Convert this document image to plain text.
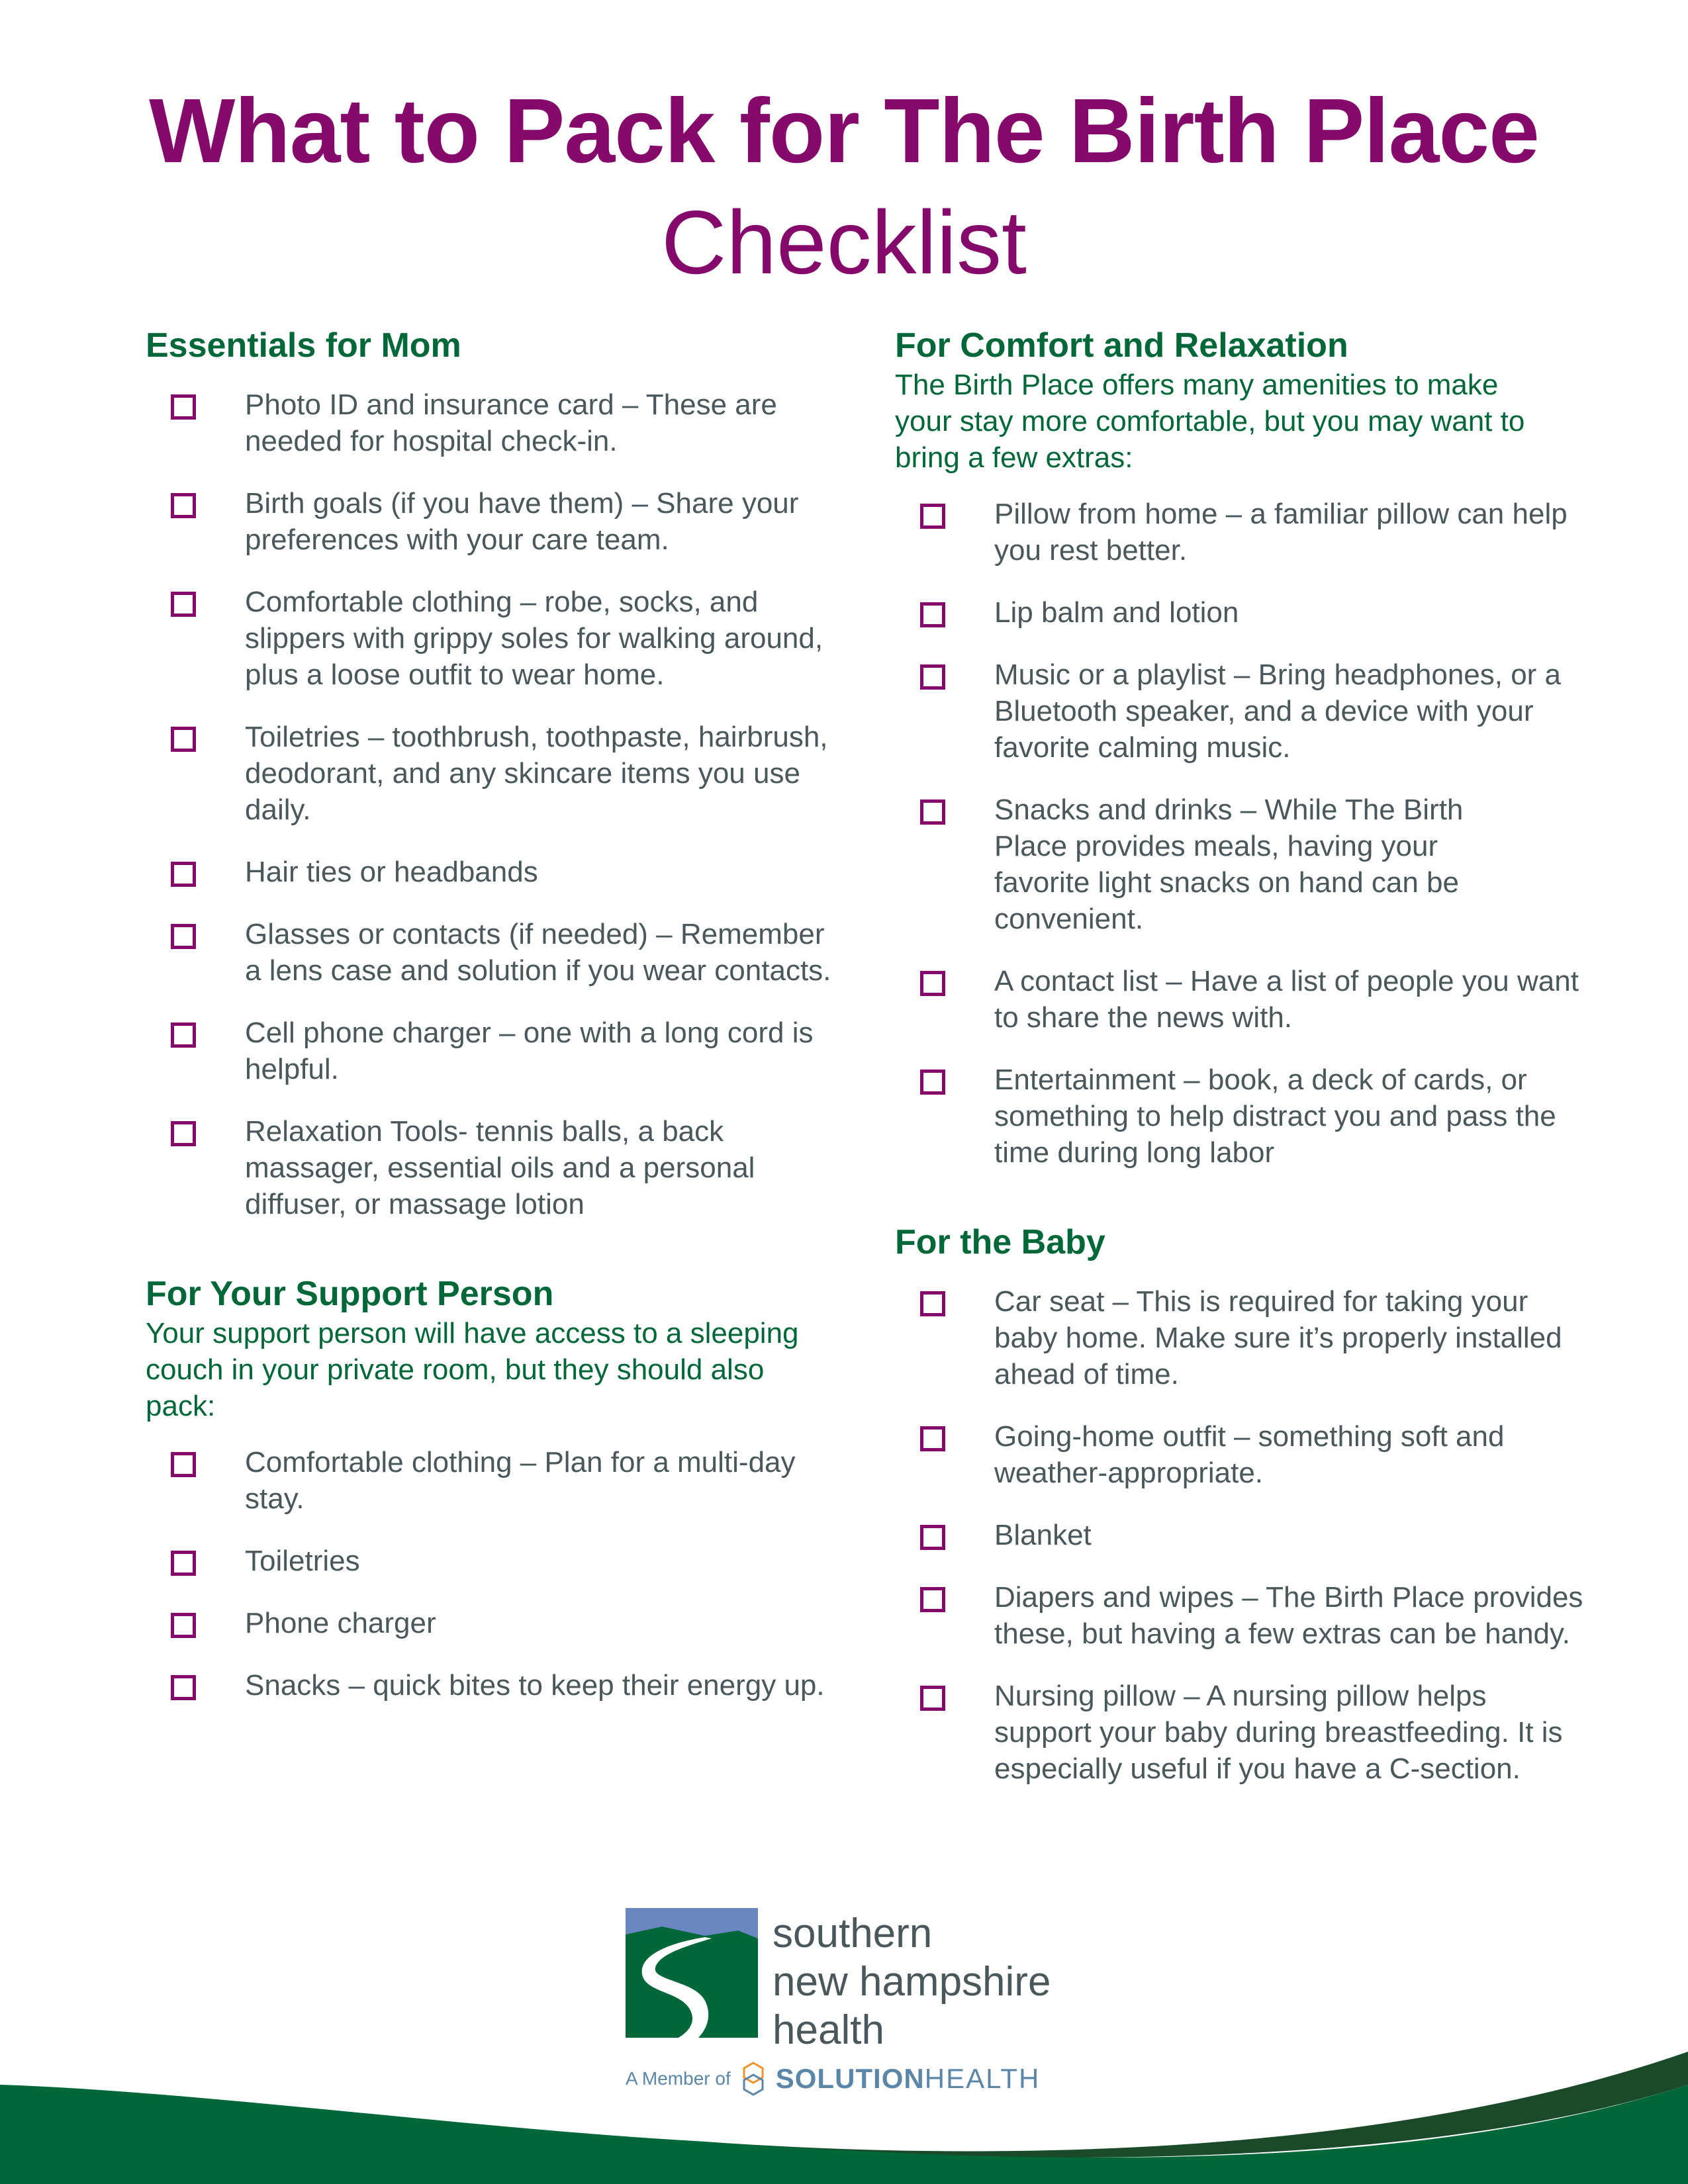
What to Pack for The Birth Place
Checklist
Essentials for Mom
Photo ID and insurance card – These are needed for hospital check-in.
Birth goals (if you have them) – Share your preferences with your care team.
Comfortable clothing – robe, socks, and slippers with grippy soles for walking around, plus a loose outfit to wear home.
Toiletries – toothbrush, toothpaste, hairbrush, deodorant, and any skincare items you use daily.
Hair ties or headbands
Glasses or contacts (if needed) – Remember a lens case and solution if you wear contacts.
Cell phone charger – one with a long cord is helpful.
Relaxation Tools- tennis balls, a back massager, essential oils and a personal diffuser, or massage lotion
For Your Support Person

Your support person will have access to a sleeping couch in your private room, but they should also pack:

Comfortable clothing – Plan for a multi-day stay.
Toiletries
Phone charger
Snacks – quick bites to keep their energy up.
For Comfort and Relaxation

The Birth Place offers many amenities to make your stay more comfortable, but you may want to bring a few extras:

Pillow from home – a familiar pillow can help you rest better.
Lip balm and lotion
Music or a playlist – Bring headphones, or a Bluetooth speaker, and a device with your favorite calming music.
Snacks and drinks – While The Birth Place provides meals, having your favorite light snacks on hand can be convenient.
A contact list – Have a list of people you want to share the news with.
Entertainment – book, a deck of cards, or something to help distract you and pass the time during long labor
For the Baby
Car seat – This is required for taking your baby home. Make sure it’s properly installed ahead of time.
Going-home outfit – something soft and weather-appropriate.
Blanket
Diapers and wipes – The Birth Place provides these, but having a few extras can be handy.
Nursing pillow – A nursing pillow helps support your baby during breastfeeding. It is especially useful if you have a C-section.
southern
new hampshire
health
A Member of SOLUTION HEALTH
